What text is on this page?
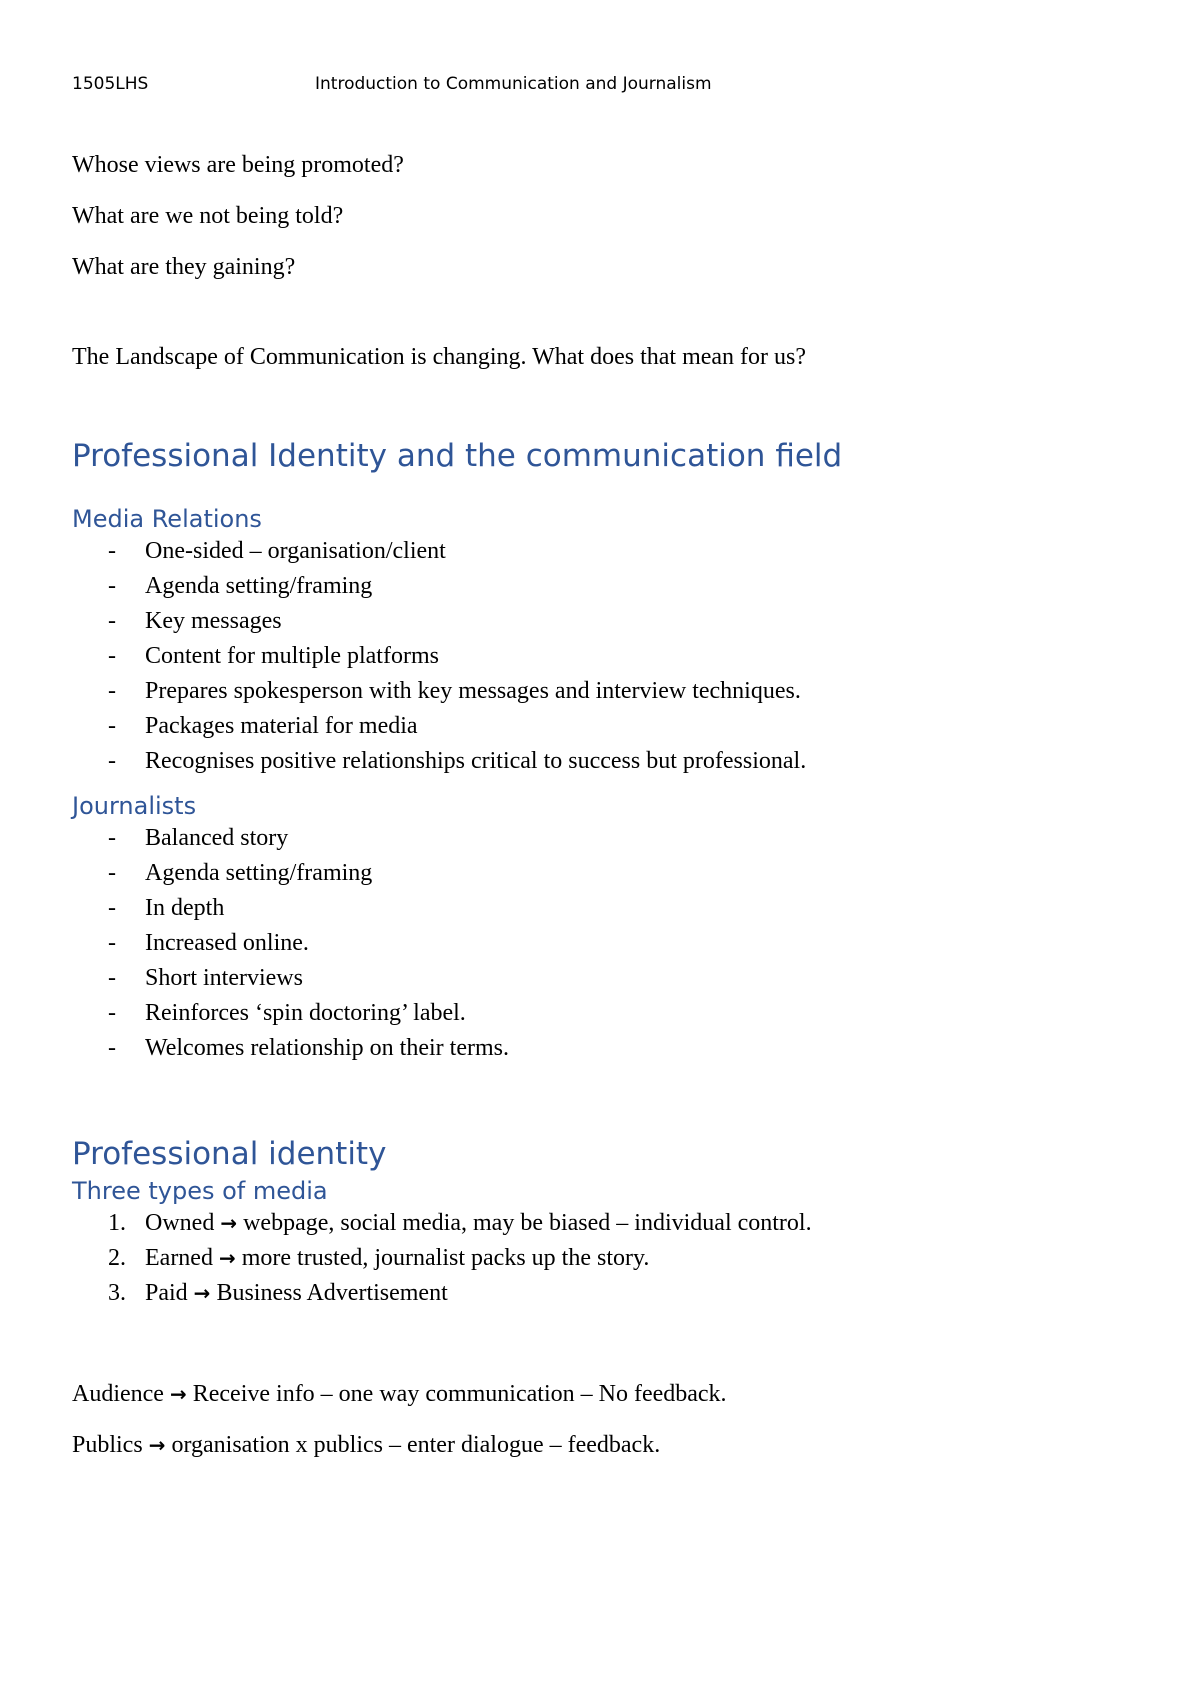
1505LHS	Introduction to Communication and Journalism

Whose views are being promoted?

What are we not being told?

What are they gaining?

The Landscape of Communication is changing. What does that mean for us?

Professional Identity and the communication field
Media Relations
- One-sided – organisation/client
- Agenda setting/framing
- Key messages
- Content for multiple platforms
- Prepares spokesperson with key messages and interview techniques.
- Packages material for media
- Recognises positive relationships critical to success but professional.
Journalists
- Balanced story
- Agenda setting/framing
- In depth
- Increased online.
- Short interviews
- Reinforces ‘spin doctoring’ label.
- Welcomes relationship on their terms.
Professional identity
Three types of media
1. Owned → webpage, social media, may be biased – individual control.
2. Earned → more trusted, journalist packs up the story.
3. Paid → Business Advertisement

Audience → Receive info – one way communication – No feedback.

Publics → organisation x publics – enter dialogue – feedback.
